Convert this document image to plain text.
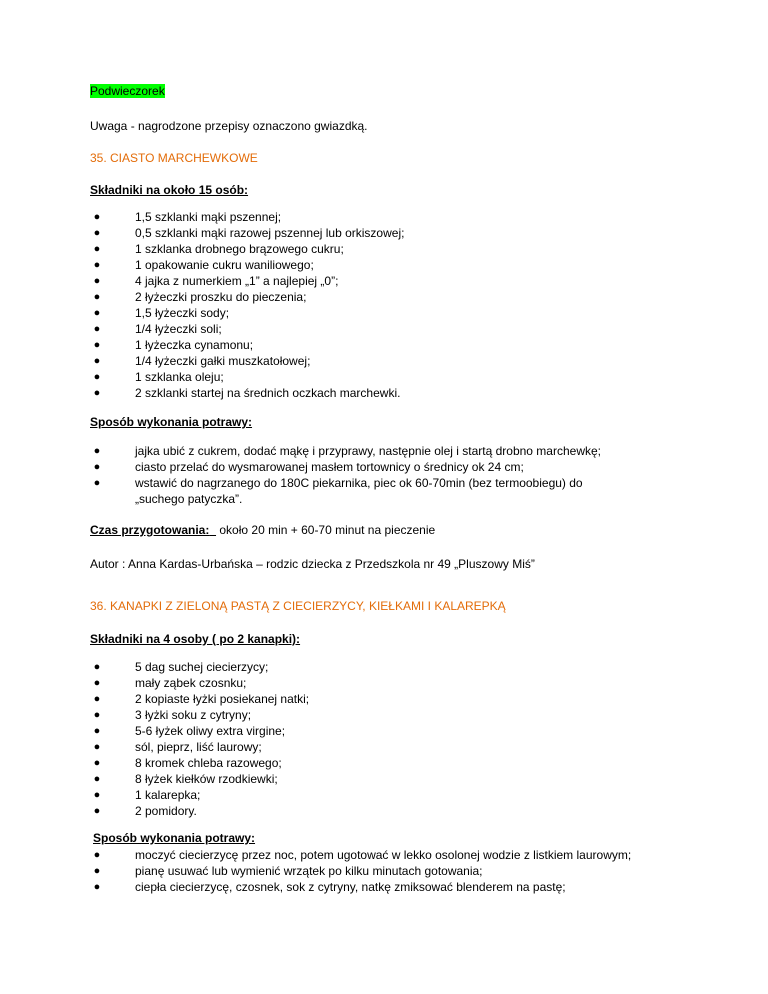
Podwieczorek
Uwaga - nagrodzone przepisy oznaczono gwiazdką.
35. CIASTO MARCHEWKOWE
Składniki na około 15 osób:
●	1,5 szklanki mąki pszennej;
●	0,5 szklanki mąki razowej pszennej lub orkiszowej;
●	1 szklanka drobnego brązowego cukru;
●	1 opakowanie cukru waniliowego;
●	4 jajka z numerkiem „1” a najlepiej „0”;
●	2 łyżeczki proszku do pieczenia;
●	1,5 łyżeczki sody;
●	1/4 łyżeczki soli;
●	1 łyżeczka cynamonu;
●	1/4 łyżeczki gałki muszkatołowej;
●	1 szklanka oleju;
●	2 szklanki startej na średnich oczkach marchewki.
Sposób wykonania potrawy:
●	jajka ubić z cukrem, dodać mąkę i przyprawy, następnie olej i startą drobno marchewkę;
●	ciasto przelać do wysmarowanej masłem tortownicy o średnicy ok 24 cm;
●	wstawić do nagrzanego do 180C piekarnika, piec ok 60-70min (bez termoobiegu) do „suchego patyczka”.
Czas przygotowania: około 20 min + 60-70 minut na pieczenie
Autor : Anna Kardas-Urbańska – rodzic dziecka z Przedszkola nr 49 „Pluszowy Miś”
36. KANAPKI Z ZIELONĄ PASTĄ Z CIECIERZYCY, KIEŁKAMI I KALAREPKĄ
Składniki na 4 osoby ( po 2 kanapki):
●	5 dag suchej ciecierzycy;
●	mały ząbek czosnku;
●	2 kopiaste łyżki posiekanej natki;
●	3 łyżki soku z cytryny;
●	5-6 łyżek oliwy extra virgine;
●	sól, pieprz, liść laurowy;
●	8 kromek chleba razowego;
●	8 łyżek kiełków rzodkiewki;
●	1 kalarepka;
●	2 pomidory.
Sposób wykonania potrawy:
●	moczyć ciecierzycę przez noc, potem ugotować w lekko osolonej wodzie z listkiem laurowym;
●	pianę usuwać lub wymienić wrzątek po kilku minutach gotowania;
●	ciepła ciecierzycę, czosnek, sok z cytryny, natkę zmiksować blenderem na pastę;
